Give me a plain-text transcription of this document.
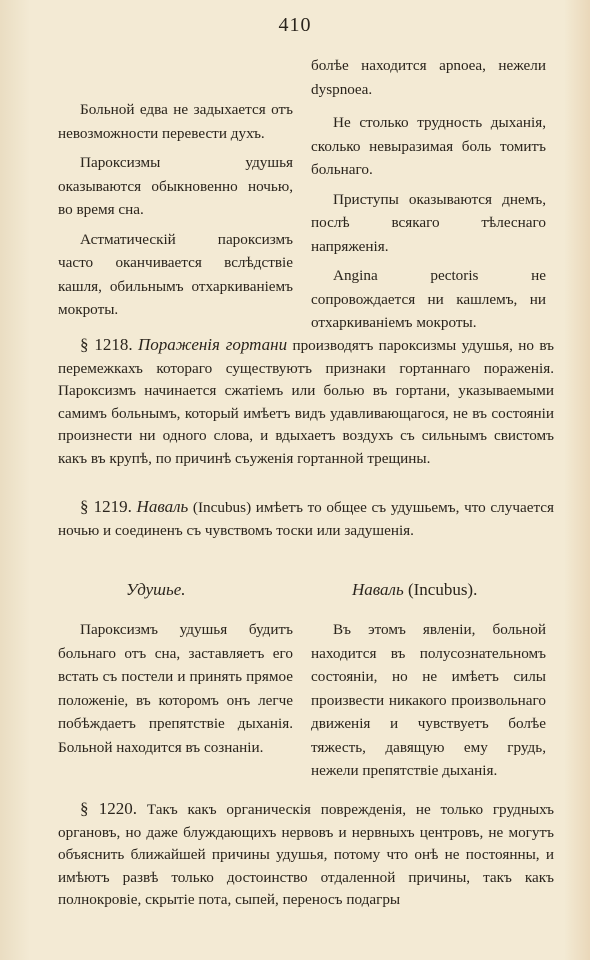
410

Больной едва не задыхается отъ невозможности перевести духъ.

Пароксизмы удушья оказываются обыкновенно ночью, во время сна.

Астматическій пароксизмъ часто оканчивается вслѣдствіе кашля, обильнымъ отхаркиваніемъ мокроты.

болѣе находится apnoea, нежели dyspnoea.

Не столько трудность дыханія, сколько невыразимая боль томитъ больнаго.

Приступы оказываются днемъ, послѣ всякаго тѣлеснаго напряженія.

Angina pectoris не сопровождается ни кашлемъ, ни отхаркиваніемъ мокроты.

§ 1218. Пораженія гортани производятъ пароксизмы удушья, но въ перемежкахъ котораго существуютъ признаки гортаннаго пораженія. Пароксизмъ начинается сжатіемъ или болью въ гортани, указываемыми самимъ больнымъ, который имѣетъ видъ удавливающагося, не въ состояніи произнести ни одного слова, и вдыхаетъ воздухъ съ сильнымъ свистомъ какъ въ крупѣ, по причинѣ съуженія гортанной трещины.

§ 1219. Наваль (Incubus) имѣетъ то общее съ удушьемъ, что случается ночью и соединенъ съ чувствомъ тоски или задушенія.

Удушье.	Наваль (Incubus).

Пароксизмъ удушья будитъ больнаго отъ сна, заставляетъ его встать съ постели и принять прямое положеніе, въ которомъ онъ легче побѣждаетъ препятствіе дыханія. Больной находится въ сознаніи.

Въ этомъ явленіи, больной находится въ полусознательномъ состояніи, но не имѣетъ силы произвести никакого произвольнаго движенія и чувствуетъ болѣе тяжесть, давящую ему грудь, нежели препятствіе дыханія.

§ 1220. Такъ какъ органическія поврежденія, не только грудныхъ органовъ, но даже блуждающихъ нервовъ и нервныхъ центровъ, не могутъ объяснить ближайшей причины удушья, потому что онѣ не постоянны, и имѣютъ развѣ только достоинство отдаленной причины, такъ какъ полнокровіе, скрытіе пота, сыпей, переносъ подагры
